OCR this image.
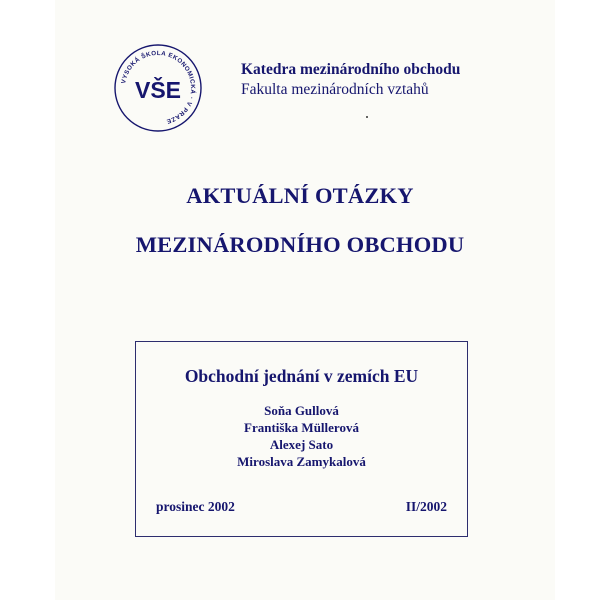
VYSOKÁ ŠKOLA EKONOMICKÁ · V PRAZE
VŠE
Katedra mezinárodního obchodu
Fakulta mezinárodních vztahů
AKTUÁLNÍ OTÁZKY
MEZINÁRODNÍHO OBCHODU
Obchodní jednání v zemích EU
Soňa Gullová
Františka Müllerová
Alexej Sato
Miroslava Zamykalová
prosinec 2002	II/2002
